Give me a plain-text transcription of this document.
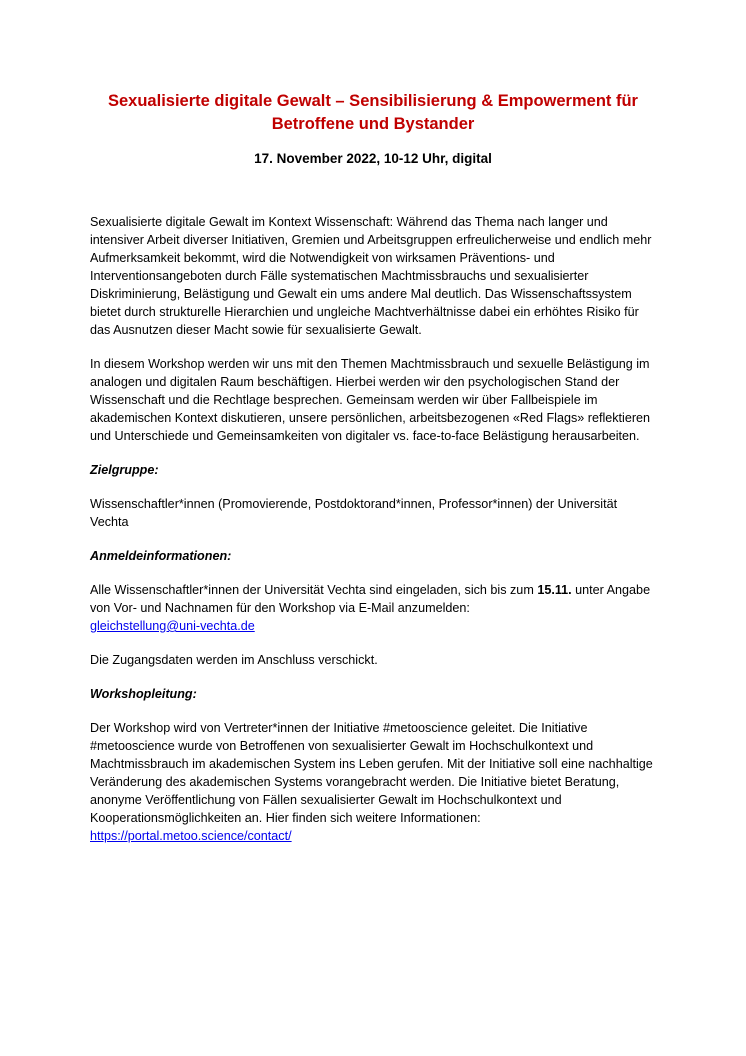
Sexualisierte digitale Gewalt – Sensibilisierung & Empowerment für
Betroffene und Bystander
17. November 2022, 10-12 Uhr, digital

Sexualisierte digitale Gewalt im Kontext Wissenschaft: Während das Thema nach langer und intensiver Arbeit diverser Initiativen, Gremien und Arbeitsgruppen erfreulicherweise und endlich mehr Aufmerksamkeit bekommt, wird die Notwendigkeit von wirksamen Präventions- und Interventionsangeboten durch Fälle systematischen Machtmissbrauchs und sexualisierter Diskriminierung, Belästigung und Gewalt ein ums andere Mal deutlich. Das Wissenschaftssystem bietet durch strukturelle Hierarchien und ungleiche Machtverhältnisse dabei ein erhöhtes Risiko für das Ausnutzen dieser Macht sowie für sexualisierte Gewalt.

In diesem Workshop werden wir uns mit den Themen Machtmissbrauch und sexuelle Belästigung im analogen und digitalen Raum beschäftigen. Hierbei werden wir den psychologischen Stand der Wissenschaft und die Rechtlage besprechen. Gemeinsam werden wir über Fallbeispiele im akademischen Kontext diskutieren, unsere persönlichen, arbeitsbezogenen «Red Flags» reflektieren und Unterschiede und Gemeinsamkeiten von digitaler vs. face-to-face Belästigung herausarbeiten.

Zielgruppe:

Wissenschaftler*innen (Promovierende, Postdoktorand*innen, Professor*innen) der Universität Vechta

Anmeldeinformationen:

Alle Wissenschaftler*innen der Universität Vechta sind eingeladen, sich bis zum 15.11. unter Angabe von Vor- und Nachnamen für den Workshop via E-Mail anzumelden:
gleichstellung@uni-vechta.de

Die Zugangsdaten werden im Anschluss verschickt.

Workshopleitung:

Der Workshop wird von Vertreter*innen der Initiative #metooscience geleitet. Die Initiative #metooscience wurde von Betroffenen von sexualisierter Gewalt im Hochschulkontext und Machtmissbrauch im akademischen System ins Leben gerufen. Mit der Initiative soll eine nachhaltige Veränderung des akademischen Systems vorangebracht werden. Die Initiative bietet Beratung, anonyme Veröffentlichung von Fällen sexualisierter Gewalt im Hochschulkontext und Kooperationsmöglichkeiten an. Hier finden sich weitere Informationen: https://portal.metoo.science/contact/
